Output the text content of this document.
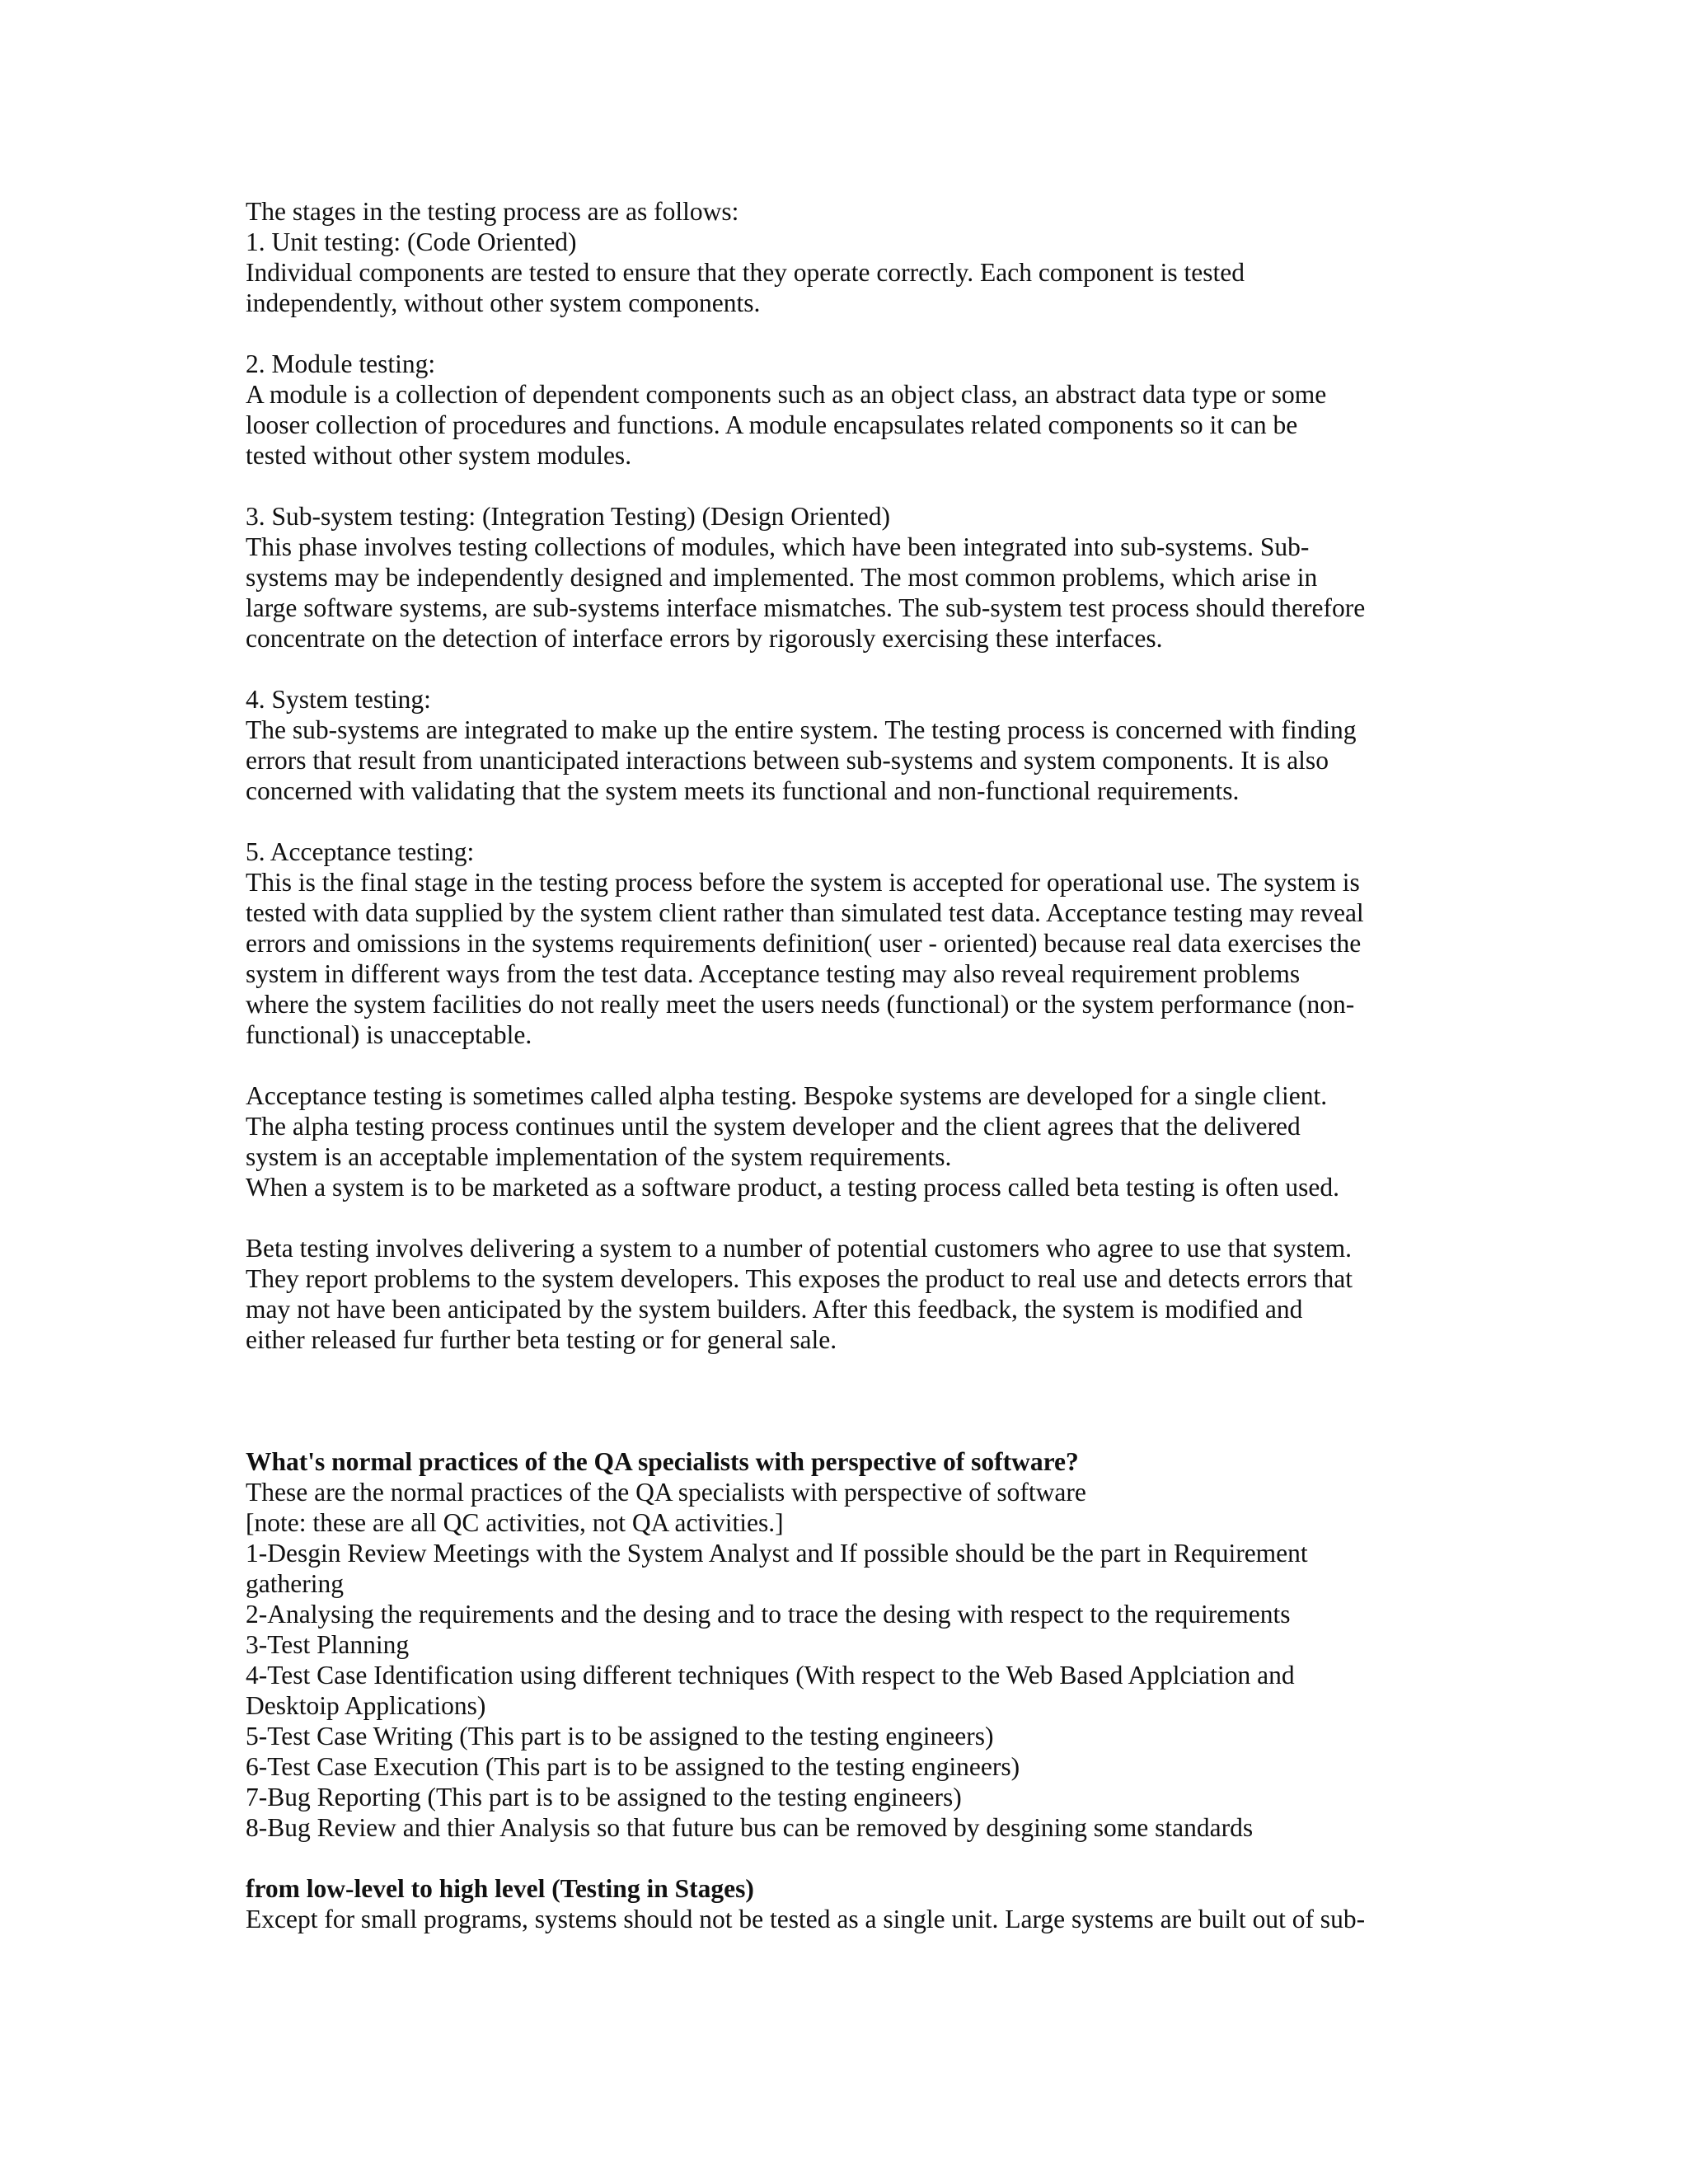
The stages in the testing process are as follows:
1. Unit testing: (Code Oriented)
Individual components are tested to ensure that they operate correctly. Each component is tested
independently, without other system components.
2. Module testing:
A module is a collection of dependent components such as an object class, an abstract data type or some
looser collection of procedures and functions. A module encapsulates related components so it can be
tested without other system modules.
3. Sub-system testing: (Integration Testing) (Design Oriented)
This phase involves testing collections of modules, which have been integrated into sub-systems. Sub-
systems may be independently designed and implemented. The most common problems, which arise in
large software systems, are sub-systems interface mismatches. The sub-system test process should therefore
concentrate on the detection of interface errors by rigorously exercising these interfaces.
4. System testing:
The sub-systems are integrated to make up the entire system. The testing process is concerned with finding
errors that result from unanticipated interactions between sub-systems and system components. It is also
concerned with validating that the system meets its functional and non-functional requirements.
5. Acceptance testing:
This is the final stage in the testing process before the system is accepted for operational use. The system is
tested with data supplied by the system client rather than simulated test data. Acceptance testing may reveal
errors and omissions in the systems requirements definition( user - oriented) because real data exercises the
system in different ways from the test data. Acceptance testing may also reveal requirement problems
where the system facilities do not really meet the users needs (functional) or the system performance (non-
functional) is unacceptable.
Acceptance testing is sometimes called alpha testing. Bespoke systems are developed for a single client.
The alpha testing process continues until the system developer and the client agrees that the delivered
system is an acceptable implementation of the system requirements.
When a system is to be marketed as a software product, a testing process called beta testing is often used.
Beta testing involves delivering a system to a number of potential customers who agree to use that system.
They report problems to the system developers. This exposes the product to real use and detects errors that
may not have been anticipated by the system builders. After this feedback, the system is modified and
either released fur further beta testing or for general sale.
What's normal practices of the QA specialists with perspective of software?
These are the normal practices of the QA specialists with perspective of software
[note: these are all QC activities, not QA activities.]
1-Desgin Review Meetings with the System Analyst and If possible should be the part in Requirement
gathering
2-Analysing the requirements and the desing and to trace the desing with respect to the requirements
3-Test Planning
4-Test Case Identification using different techniques (With respect to the Web Based Applciation and
Desktoip Applications)
5-Test Case Writing (This part is to be assigned to the testing engineers)
6-Test Case Execution (This part is to be assigned to the testing engineers)
7-Bug Reporting (This part is to be assigned to the testing engineers)
8-Bug Review and thier Analysis so that future bus can be removed by desgining some standards
from low-level to high level (Testing in Stages)
Except for small programs, systems should not be tested as a single unit. Large systems are built out of sub-
